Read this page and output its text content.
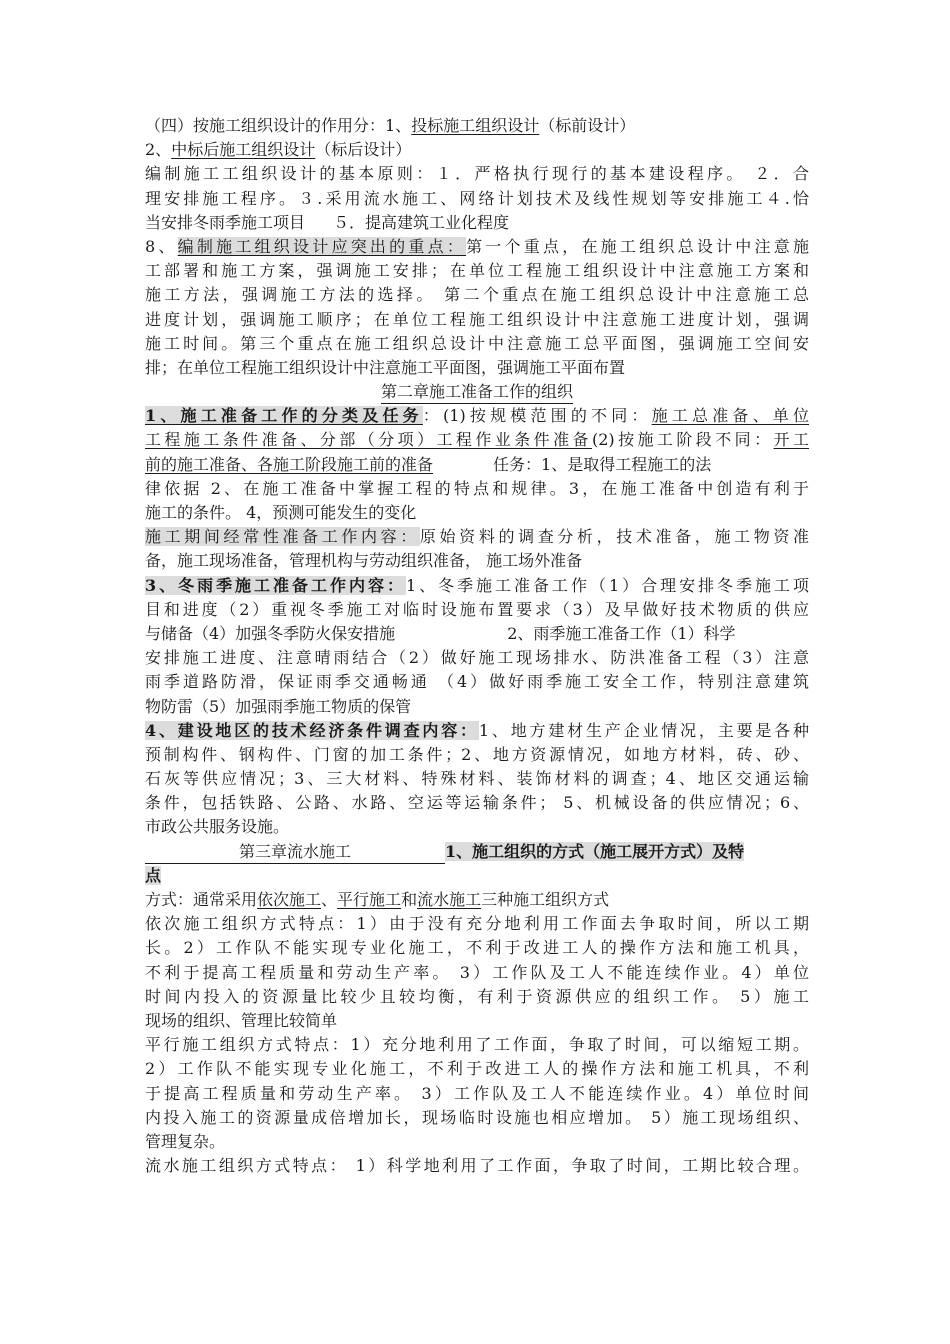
（四）按施工组织设计的作用分：1、投标施工组织设计（标前设计）
2、中标后施工组织设计（标后设计）
编制施工工组织设计的基本原则：１．严格执行现行的基本建设程序。 ２．合
理安排施工程序。３.采用流水施工、网络计划技术及线性规划等安排施工４.恰
当安排冬雨季施工项目 ５．提高建筑工业化程度
8、编制施工组织设计应突出的重点：第一个重点，在施工组织总设计中注意施
工部署和施工方案，强调施工安排；在单位工程施工组织设计中注意施工方案和
施工方法，强调施工方法的选择。 第二个重点在施工组织总设计中注意施工总
进度计划，强调施工顺序；在单位工程施工组织设计中注意施工进度计划，强调
施工时间。第三个重点在施工组织总设计中注意施工总平面图，强调施工空间安
排；在单位工程施工组织设计中注意施工平面图，强调施工平面布置
第二章施工准备工作的组织
1、施工准备工作的分类及任务：(1)按规模范围的不同：施工总准备、单位
工程施工条件准备、分部（分项）工程作业条件准备(2)按施工阶段不同：开工
前的施工准备、各施工阶段施工前的准备	任务：1、是取得工程施工的法
律依据 2、在施工准备中掌握工程的特点和规律。3，在施工准备中创造有利于
施工的条件。 4，预测可能发生的变化
施工期间经常性准备工作内容：原始资料的调查分析，技术准备，施工物资准
备，施工现场准备，管理机构与劳动组织准备， 施工场外准备
3、冬雨季施工准备工作内容：1、冬季施工准备工作（1）合理安排冬季施工项
目和进度（2）重视冬季施工对临时设施布置要求（3）及早做好技术物质的供应
与储备（4）加强冬季防火保安措施	2、雨季施工准备工作（1）科学
安排施工进度、注意晴雨结合（2）做好施工现场排水、防洪准备工程（3）注意
雨季道路防滑，保证雨季交通畅通 （4）做好雨季施工安全工作，特别注意建筑
物防雷（5）加强雨季施工物质的保管
4、建设地区的技术经济条件调查内容：1、地方建材生产企业情况，主要是各种
预制构件、钢构件、门窗的加工条件；2、地方资源情况，如地方材料，砖、砂、
石灰等供应情况；3、三大材料、特殊材料、装饰材料的调查；4、地区交通运输
条件，包括铁路、公路、水路、空运等运输条件； 5、机械设备的供应情况；6、
市政公共服务设施。
第三章流水施工	1、施工组织的方式（施工展开方式）及特
点
方式：通常采用依次施工、平行施工和流水施工三种施工组织方式
依次施工组织方式特点：1）由于没有充分地利用工作面去争取时间，所以工期
长。2）工作队不能实现专业化施工，不利于改进工人的操作方法和施工机具，
不利于提高工程质量和劳动生产率。 3）工作队及工人不能连续作业。4）单位
时间内投入的资源量比较少且较均衡，有利于资源供应的组织工作。 5）施工
现场的组织、管理比较简单
平行施工组织方式特点：1）充分地利用了工作面，争取了时间，可以缩短工期。
2）工作队不能实现专业化施工，不利于改进工人的操作方法和施工机具，不利
于提高工程质量和劳动生产率。 3）工作队及工人不能连续作业。4）单位时间
内投入施工的资源量成倍增加长，现场临时设施也相应增加。 5）施工现场组织、
管理复杂。
流水施工组织方式特点： 1）科学地利用了工作面，争取了时间，工期比较合理。
